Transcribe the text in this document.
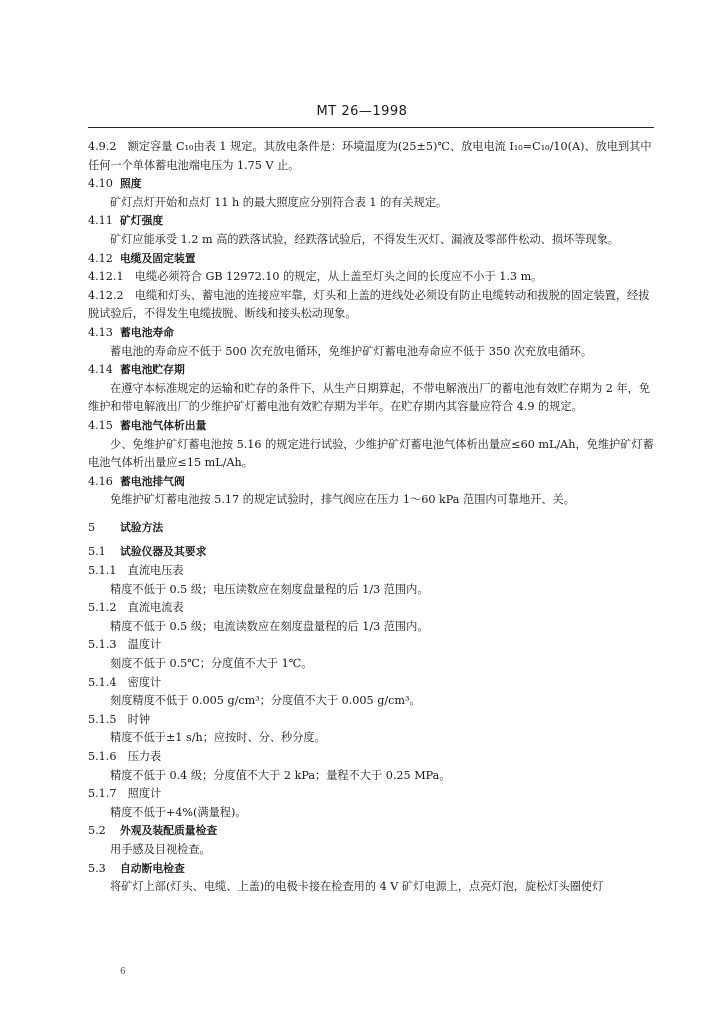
MT 26—1998

4.9.2　额定容量 C₁₀由表 1 规定。其放电条件是：环境温度为(25±5)℃、放电电流 I₁₀=C₁₀/10(A)、放电到其中任何一个单体蓄电池端电压为 1.75 V 止。

4.10 照度

矿灯点灯开始和点灯 11 h 的最大照度应分别符合表 1 的有关规定。

4.11 矿灯强度

矿灯应能承受 1.2 m 高的跌落试验，经跌落试验后，不得发生灭灯、漏液及零部件松动、损坏等现象。

4.12 电缆及固定装置

4.12.1　电缆必须符合 GB 12972.10 的规定，从上盖至灯头之间的长度应不小于 1.3 m。

4.12.2　电缆和灯头、蓄电池的连接应牢靠，灯头和上盖的进线处必须设有防止电缆转动和拔脱的固定装置，经拔脱试验后，不得发生电缆拔脱、断线和接头松动现象。

4.13 蓄电池寿命

蓄电池的寿命应不低于 500 次充放电循环，免维护矿灯蓄电池寿命应不低于 350 次充放电循环。

4.14 蓄电池贮存期

在遵守本标准规定的运输和贮存的条件下，从生产日期算起，不带电解液出厂的蓄电池有效贮存期为 2 年，免维护和带电解液出厂的少维护矿灯蓄电池有效贮存期为半年。在贮存期内其容量应符合 4.9 的规定。

4.15 蓄电池气体析出量

少、免维护矿灯蓄电池按 5.16 的规定进行试验，少维护矿灯蓄电池气体析出量应≤60 mL/Ah，免维护矿灯蓄电池气体析出量应≤15 mL/Ah。

4.16 蓄电池排气阀

免维护矿灯蓄电池按 5.17 的规定试验时，排气阀应在压力 1～60 kPa 范围内可靠地开、关。

5 试验方法

5.1 试验仪器及其要求

5.1.1　直流电压表

精度不低于 0.5 级；电压读数应在刻度盘量程的后 1/3 范围内。

5.1.2　直流电流表

精度不低于 0.5 级；电流读数应在刻度盘量程的后 1/3 范围内。

5.1.3　温度计

刻度不低于 0.5℃；分度值不大于 1℃。

5.1.4　密度计

刻度精度不低于 0.005 g/cm³；分度值不大于 0.005 g/cm³。

5.1.5　时钟

精度不低于±1 s/h；应按时、分、秒分度。

5.1.6　压力表

精度不低于 0.4 级；分度值不大于 2 kPa；量程不大于 0.25 MPa。

5.1.7　照度计

精度不低于+4%(满量程)。

5.2 外观及装配质量检查

用手感及目视检查。

5.3 自动断电检查

将矿灯上部(灯头、电缆、上盖)的电极卡接在检查用的 4 V 矿灯电源上，点亮灯泡，旋松灯头圈使灯

6
